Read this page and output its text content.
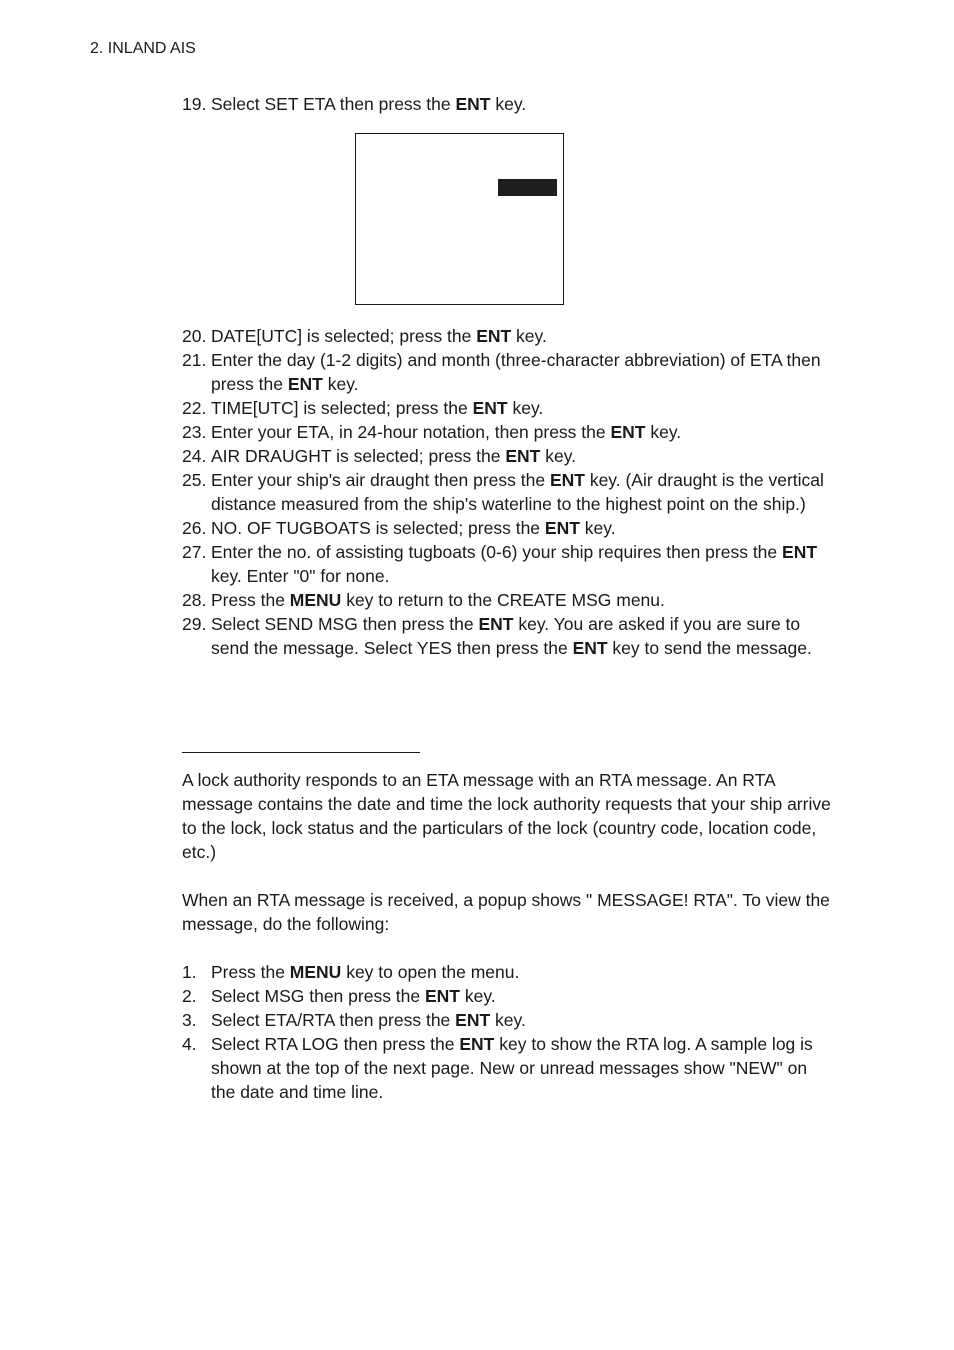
2. INLAND AIS
19. Select SET ETA then press the ENT key.
20. DATE[UTC] is selected; press the ENT key.
21. Enter the day (1-2 digits) and month (three-character abbreviation) of ETA then press the ENT key.
22. TIME[UTC] is selected; press the ENT key.
23. Enter your ETA, in 24-hour notation, then press the ENT key.
24. AIR DRAUGHT is selected; press the ENT key.
25. Enter your ship's air draught then press the ENT key. (Air draught is the vertical distance measured from the ship's waterline to the highest point on the ship.)
26. NO. OF TUGBOATS is selected; press the ENT key.
27. Enter the no. of assisting tugboats (0-6) your ship requires then press the ENT key. Enter "0" for none.
28. Press the MENU key to return to the CREATE MSG menu.
29. Select SEND MSG then press the ENT key. You are asked if you are sure to send the message. Select YES then press the ENT key to send the message.

A lock authority responds to an ETA message with an RTA message. An RTA message contains the date and time the lock authority requests that your ship arrive to the lock, lock status and the particulars of the lock (country code, location code, etc.)

When an RTA message is received, a popup shows " MESSAGE! RTA". To view the message, do the following:

1. Press the MENU key to open the menu.
2. Select MSG then press the ENT key.
3. Select ETA/RTA then press the ENT key.
4. Select RTA LOG then press the ENT key to show the RTA log. A sample log is shown at the top of the next page. New or unread messages show "NEW" on the date and time line.
